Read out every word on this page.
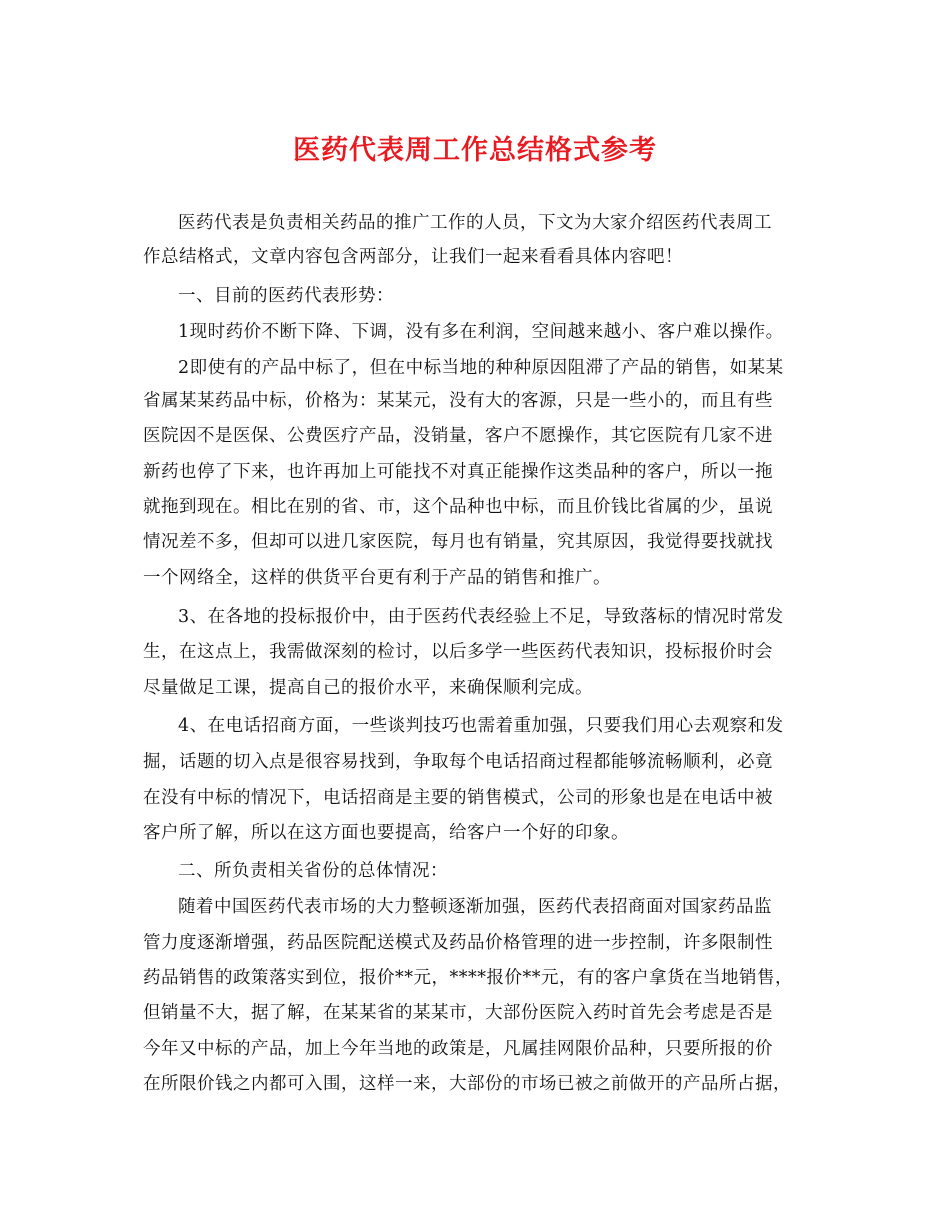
医药代表周工作总结格式参考
医药代表是负责相关药品的推广工作的人员，下文为大家介绍医药代表周工
作总结格式，文章内容包含两部分，让我们一起来看看具体内容吧！
一、目前的医药代表形势：
1现时药价不断下降、下调，没有多在利润，空间越来越小、客户难以操作。
2即使有的产品中标了，但在中标当地的种种原因阻滞了产品的销售，如某某
省属某某药品中标，价格为：某某元，没有大的客源，只是一些小的，而且有些
医院因不是医保、公费医疗产品，没销量，客户不愿操作，其它医院有几家不进
新药也停了下来，也许再加上可能找不对真正能操作这类品种的客户，所以一拖
就拖到现在。相比在别的省、市，这个品种也中标，而且价钱比省属的少，虽说
情况差不多，但却可以进几家医院，每月也有销量，究其原因，我觉得要找就找
一个网络全，这样的供货平台更有利于产品的销售和推广。
3、在各地的投标报价中，由于医药代表经验上不足，导致落标的情况时常发
生，在这点上，我需做深刻的检讨，以后多学一些医药代表知识，投标报价时会
尽量做足工课，提高自己的报价水平，来确保顺利完成。
4、在电话招商方面，一些谈判技巧也需着重加强，只要我们用心去观察和发
掘，话题的切入点是很容易找到，争取每个电话招商过程都能够流畅顺利，必竟
在没有中标的情况下，电话招商是主要的销售模式，公司的形象也是在电话中被
客户所了解，所以在这方面也要提高，给客户一个好的印象。
二、所负责相关省份的总体情况：
随着中国医药代表市场的大力整顿逐渐加强，医药代表招商面对国家药品监
管力度逐渐增强，药品医院配送模式及药品价格管理的进一步控制，许多限制性
药品销售的政策落实到位，报价**元，****报价**元，有的客户拿货在当地销售，
但销量不大，据了解，在某某省的某某市，大部份医院入药时首先会考虑是否是
今年又中标的产品，加上今年当地的政策是，凡属挂网限价品种，只要所报的价
在所限价钱之内都可入围，这样一来，大部份的市场已被之前做开的产品所占据，
